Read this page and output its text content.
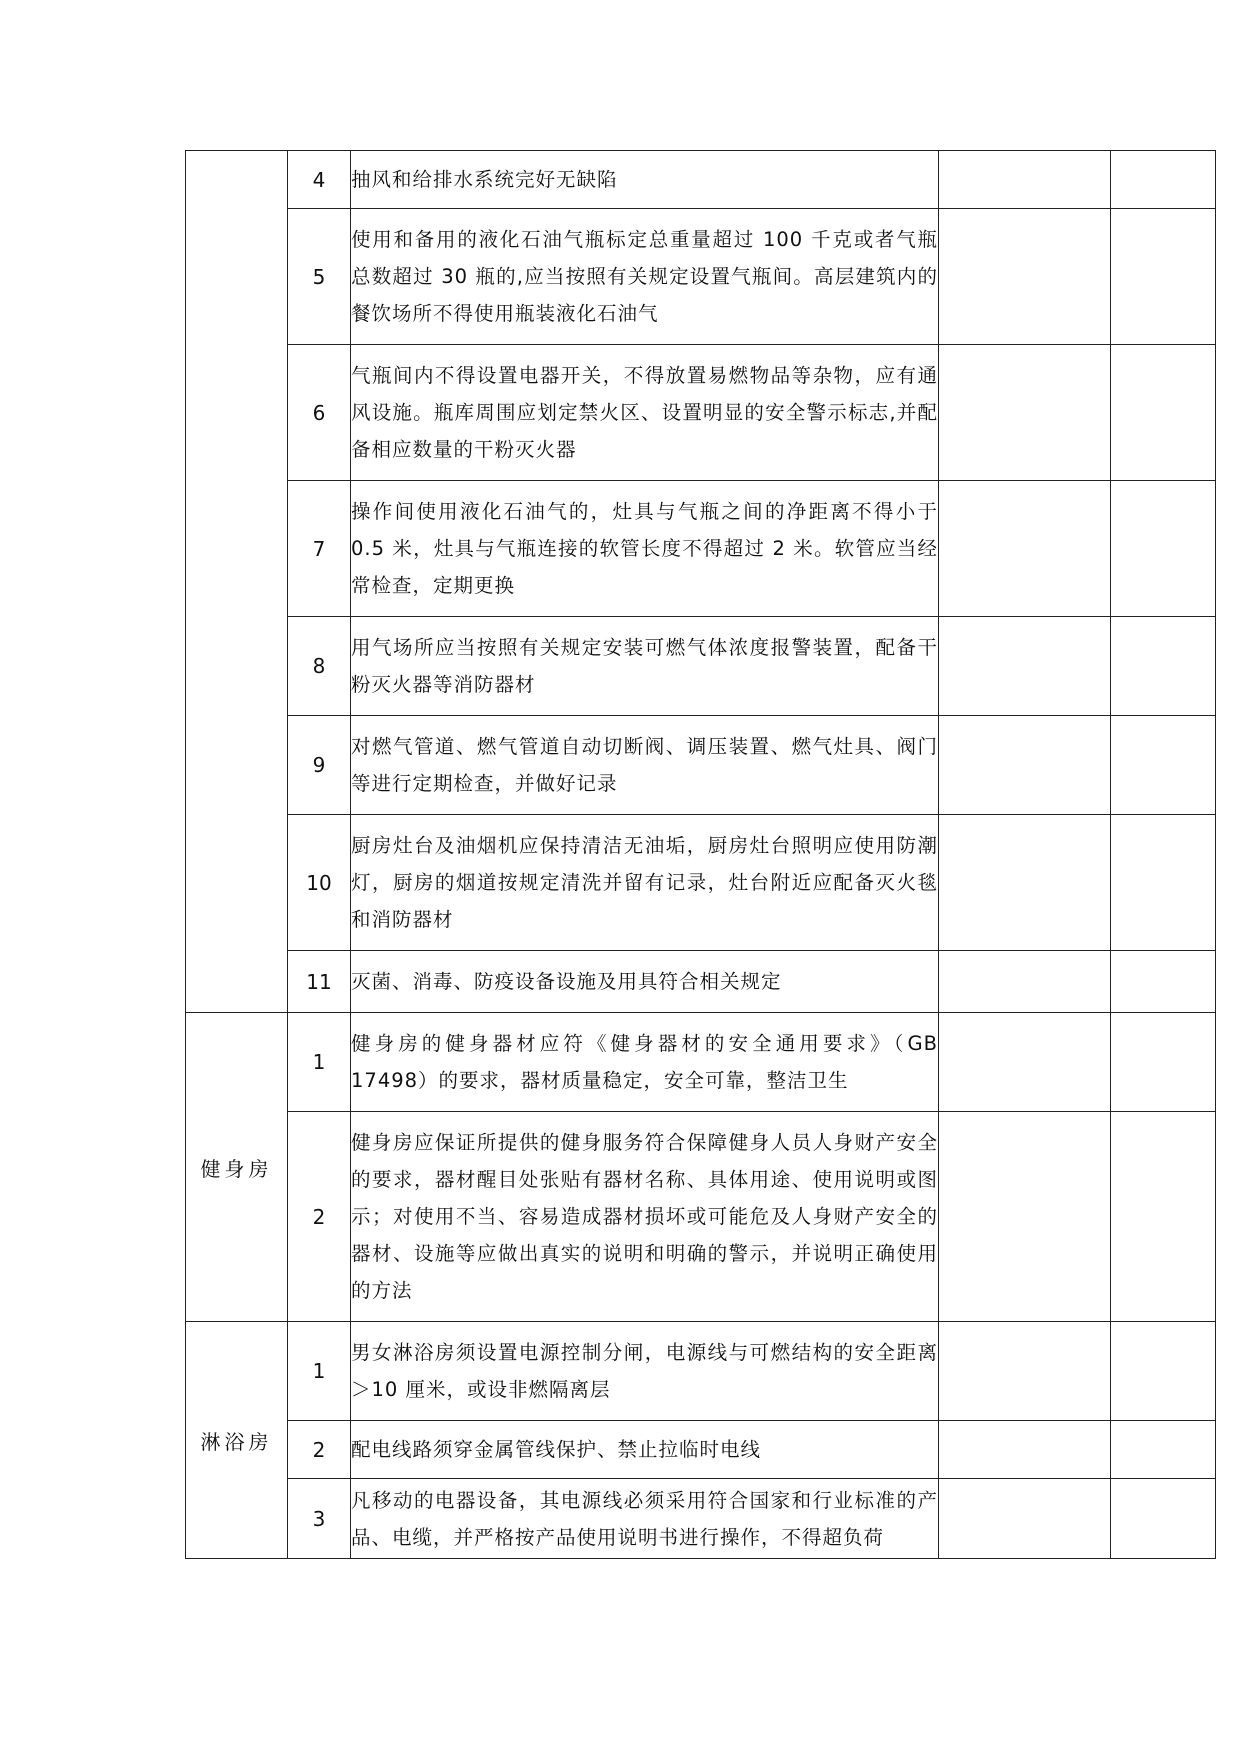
	4	抽风和给排水系统完好无缺陷		
	5	使用和备用的液化石油气瓶标定总重量超过 100 千克或者气瓶总数超过 30 瓶的,应当按照有关规定设置气瓶间。高层建筑内的餐饮场所不得使用瓶装液化石油气		
	6	气瓶间内不得设置电器开关，不得放置易燃物品等杂物，应有通风设施。瓶库周围应划定禁火区、设置明显的安全警示标志,并配备相应数量的干粉灭火器		
	7	操作间使用液化石油气的，灶具与气瓶之间的净距离不得小于0.5 米，灶具与气瓶连接的软管长度不得超过 2 米。软管应当经常检查，定期更换		
	8	用气场所应当按照有关规定安装可燃气体浓度报警装置，配备干粉灭火器等消防器材		
	9	对燃气管道、燃气管道自动切断阀、调压装置、燃气灶具、阀门等进行定期检查，并做好记录		
	10	厨房灶台及油烟机应保持清洁无油垢，厨房灶台照明应使用防潮灯，厨房的烟道按规定清洗并留有记录，灶台附近应配备灭火毯和消防器材		
	11	灭菌、消毒、防疫设备设施及用具符合相关规定		
健身房	1	健身房的健身器材应符《健身器材的安全通用要求》（GB 17498）的要求，器材质量稳定，安全可靠，整洁卫生		
	2	健身房应保证所提供的健身服务符合保障健身人员人身财产安全的要求，器材醒目处张贴有器材名称、具体用途、使用说明或图示；对使用不当、容易造成器材损坏或可能危及人身财产安全的器材、设施等应做出真实的说明和明确的警示，并说明正确使用的方法		
淋浴房	1	男女淋浴房须设置电源控制分闸，电源线与可燃结构的安全距离＞10 厘米，或设非燃隔离层		
	2	配电线路须穿金属管线保护、禁止拉临时电线		
	3	凡移动的电器设备，其电源线必须采用符合国家和行业标准的产品、电缆，并严格按产品使用说明书进行操作，不得超负荷		
